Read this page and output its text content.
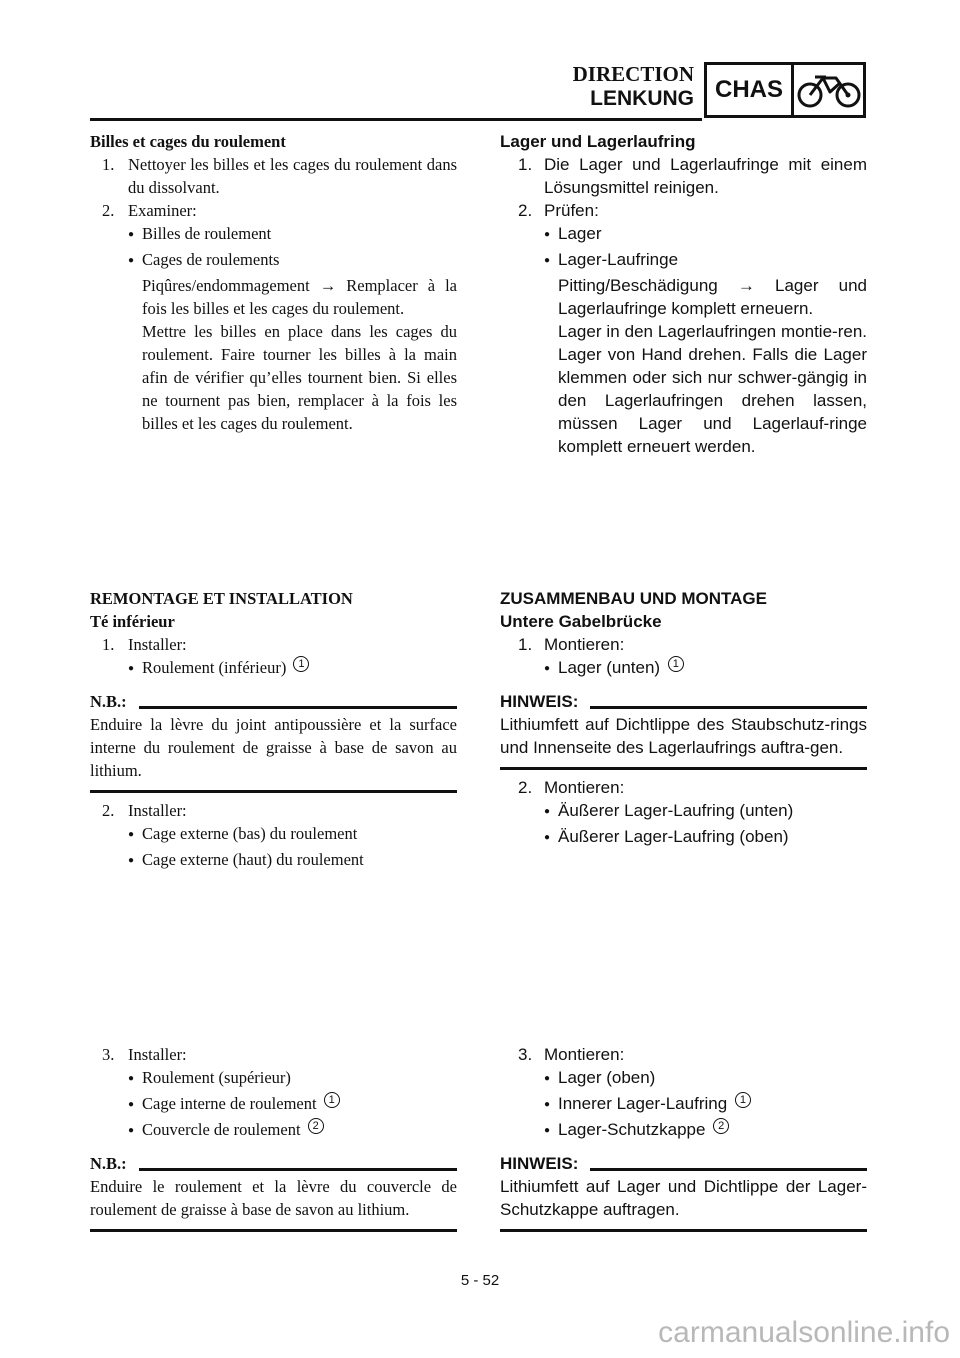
DIRECTION
LENKUNG CHAS
Billes et cages du roulement
1. Nettoyer les billes et les cages du roulement dans du dissolvant.
2. Examiner:
●
Billes de roulement
●
Cages de roulements
Piqûres/endommagement → Remplacer à la fois les billes et les cages du roulement.
Mettre les billes en place dans les cages du roulement. Faire tourner les billes à la main afin de vérifier qu’elles tournent bien. Si elles ne tournent pas bien, remplacer à la fois les billes et les cages du roulement.
REMONTAGE ET INSTALLATION
Té inférieur
1. Installer:
●
Roulement (inférieur)
	1
N.B.:
Enduire la lèvre du joint antipoussière et la surface interne du roulement de graisse à base de savon au lithium.
2. Installer:
●
Cage externe (bas) du roulement
●
Cage externe (haut) du roulement
3. Installer:
●
Roulement (supérieur)
●
Cage interne de roulement
	1
●
Couvercle de roulement
	2
N.B.:
Enduire le roulement et la lèvre du couvercle de roulement de graisse à base de savon au lithium.
Lager und Lagerlaufring
1. Die Lager und Lagerlaufringe mit einem Lösungsmittel reinigen.
2. Prüfen:
●
Lager
●
Lager-Laufringe
Pitting/Beschädigung → Lager und Lagerlaufringe komplett erneuern.
Lager in den Lagerlaufringen montie-ren. Lager von Hand drehen. Falls die Lager klemmen oder sich nur schwer-gängig in den Lagerlaufringen drehen lassen, müssen Lager und Lagerlauf-ringe komplett erneuert werden.
ZUSAMMENBAU UND MONTAGE
Untere Gabelbrücke
1. Montieren:
●
Lager (unten)
	1
HINWEIS:
Lithiumfett auf Dichtlippe des Staubschutz-rings und Innenseite des Lagerlaufrings auftra-gen.
2. Montieren:
●
Äußerer Lager-Laufring (unten)
●
Äußerer Lager-Laufring (oben)
3. Montieren:
●
Lager (oben)
●
Innerer Lager-Laufring
	1
●
Lager-Schutzkappe
	2
HINWEIS:
Lithiumfett auf Lager und Dichtlippe der Lager-Schutzkappe auftragen.
5 - 52
carmanualsonline.info
